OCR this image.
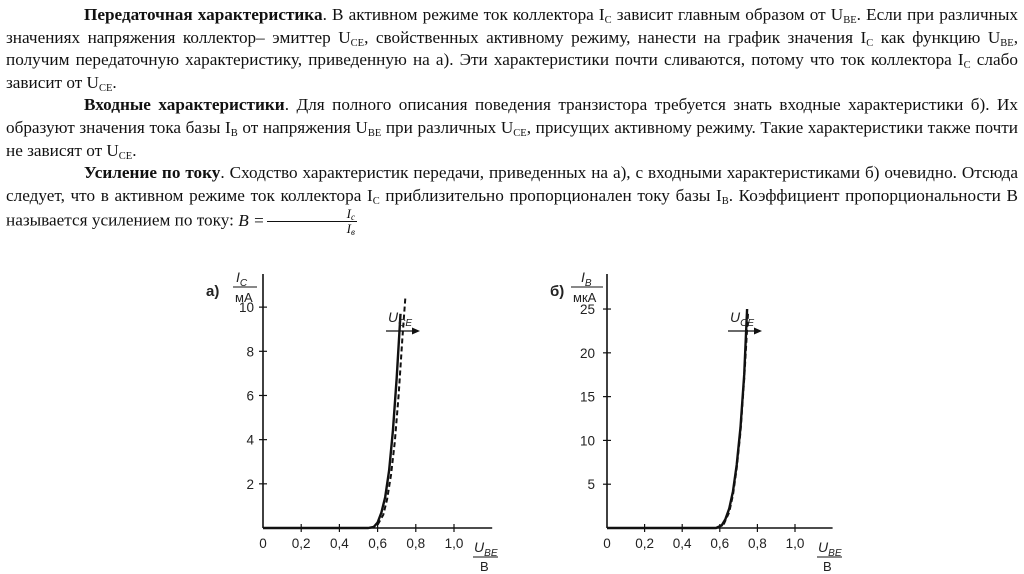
Передаточная характеристика. В активном режиме ток коллектора $I_C$ зависит главным образом от $U_{BE}$. Если при различных значениях напряжения коллектор– эмиттер $U_{CE}$, свойственных активному режиму, нанести на график значения $I_C$ как функцию $U_{BE}$, получим передаточную характеристику, приведенную на а). Эти характеристики почти сливаются, потому что ток коллектора $I_C$ слабо зависит от $U_{CE}$.

Входные характеристики. Для полного описания поведения транзистора требуется знать входные характеристики б). Их образуют значения тока базы $I_B$ от напряжения $U_{BE}$ при различных $U_{CE}$, присущих активному режиму. Такие характеристики также почти не зависят от $U_{CE}$.

Усиление по току. Сходство характеристик передачи, приведенных на а), с входными характеристиками б) очевидно. Отсюда следует, что в активном режиме ток коллектора $I_C$ приблизительно пропорционален току базы $I_B$. Коэффициент пропорциональности B называется усилением по току: $B = \frac{I_c}{I_в}$

2
4
6
8
10
0 0,2 0,4 0,6 0,8 1,0
$U_{CE}$
а)
$I_C$
мА
$U_{BE}$
В
5
10
15
20
25
0 0,2 0,4 0,6 0,8 1,0
$U_{CE}$
б)
$I_B$
мкА
$U_{BE}$
В
